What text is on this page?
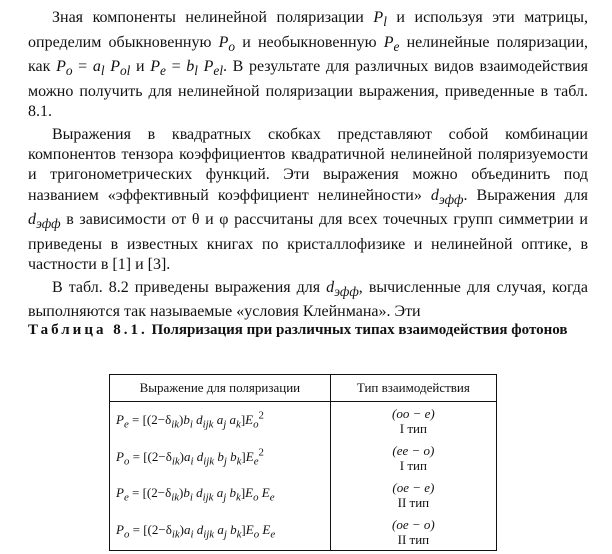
Зная компоненты нелинейной поляризации $P_l$ и используя эти матрицы, определим обыкновенную $P_o$ и необыкновенную $P_e$ нелинейные поляризации, как $P_o = a_l$ $P_{ol}$ и $P_e = b_l$ $P_{el}$. В результате для различных видов взаимодействия можно получить для нелинейной поляризации выражения, приведенные в табл. 8.1.

Выражения в квадратных скобках представляют собой комбинации компонентов тензора коэффициентов квадратичной нелинейной поляризуемости и тригонометрических функций. Эти выражения можно объединить под названием «эффективный коэффициент нелинейности» $d_{эфф}$. Выражения для $d_{эфф}$ в зависимости от θ и φ рассчитаны для всех точечных групп симметрии и приведены в известных книгах по кристаллофизике и нелинейной оптике, в частности в [1] и [3].

В табл. 8.2 приведены выражения для $d_{эфф}$, вычисленные для случая, когда выполняются так называемые «условия Клейнмана». Эти

Таблица 8.1. Поляризация при различных типах взаимодействия фотонов
Выражение для поляризации	Тип взаимодействия
$P_e = [(2-\delta_{ik})b_i$ $d_{ijk}$ $a_j$ $a_k]E_o^2$	(oo − e)
I тип

$P_o = [(2-\delta_{ik})a_i$ $d_{ijk}$ $b_j$ $b_k]E_e^2$	(ee − o)
I тип

$P_e = [(2-\delta_{ik})b_i$ $d_{ijk}$ $a_j$ $b_k]E_o$ $E_e$	(oe − e)
II тип

$P_o = [(2-\delta_{ik})a_i$ $d_{ijk}$ $a_j$ $b_k]E_o$ $E_e$	(oe − o)
II тип
